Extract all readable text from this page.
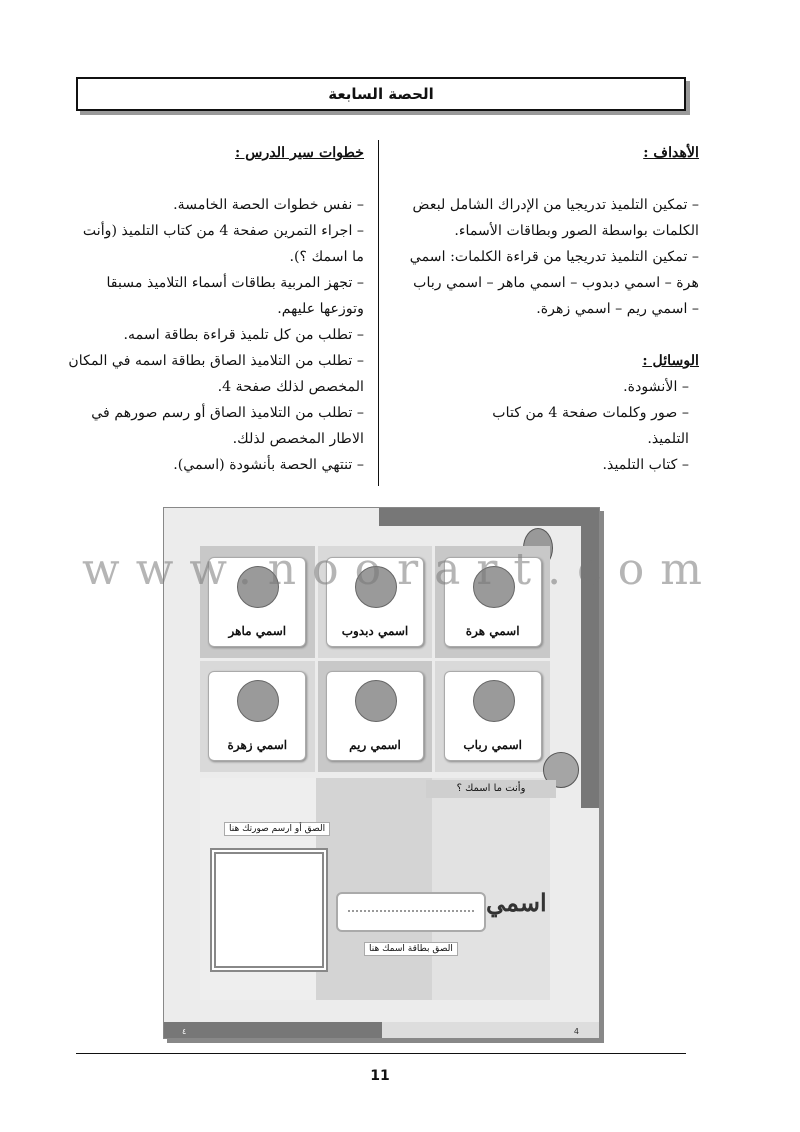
الحصة السابعة
الأهداف :
– تمكين التلميذ تدريجيا من الإدراك الشامل لبعض
الكلمات بواسطة الصور وبطاقات الأسماء.
– تمكين التلميذ تدريجيا من قراءة الكلمات: اسمي
هرة – اسمي دبدوب – اسمي ماهر – اسمي رباب
– اسمي ريم – اسمي زهرة.
الوسائل :
– الأنشودة.
– صور وكلمات صفحة 4 من كتاب
التلميذ.
– كتاب التلميذ.
خطوات سير الدرس :
– نفس خطوات الحصة الخامسة.
– اجراء التمرين صفحة 4 من كتاب التلميذ (وأنت
ما اسمك ؟).
– تجهز المربية بطاقات أسماء التلاميذ مسبقا
وتوزعها عليهم.
– تطلب من كل تلميذ قراءة بطاقة اسمه.
– تطلب من التلاميذ الصاق بطاقة اسمه في المكان
المخصص لذلك صفحة 4.
– تطلب من التلاميذ الصاق أو رسم صورهم في
الاطار المخصص لذلك.
– تنتهي الحصة بأنشودة (اسمي).
اسمي ماهر	اسمي دبدوب	اسمي هرة
اسمي زهرة	اسمي ريم	اسمي رباب
وأنت ما اسمك ؟
الصق أو ارسم صورتك هنا
اسمي
الصق بطاقة اسمك هنا
٤	4
www.noorart.com
11
